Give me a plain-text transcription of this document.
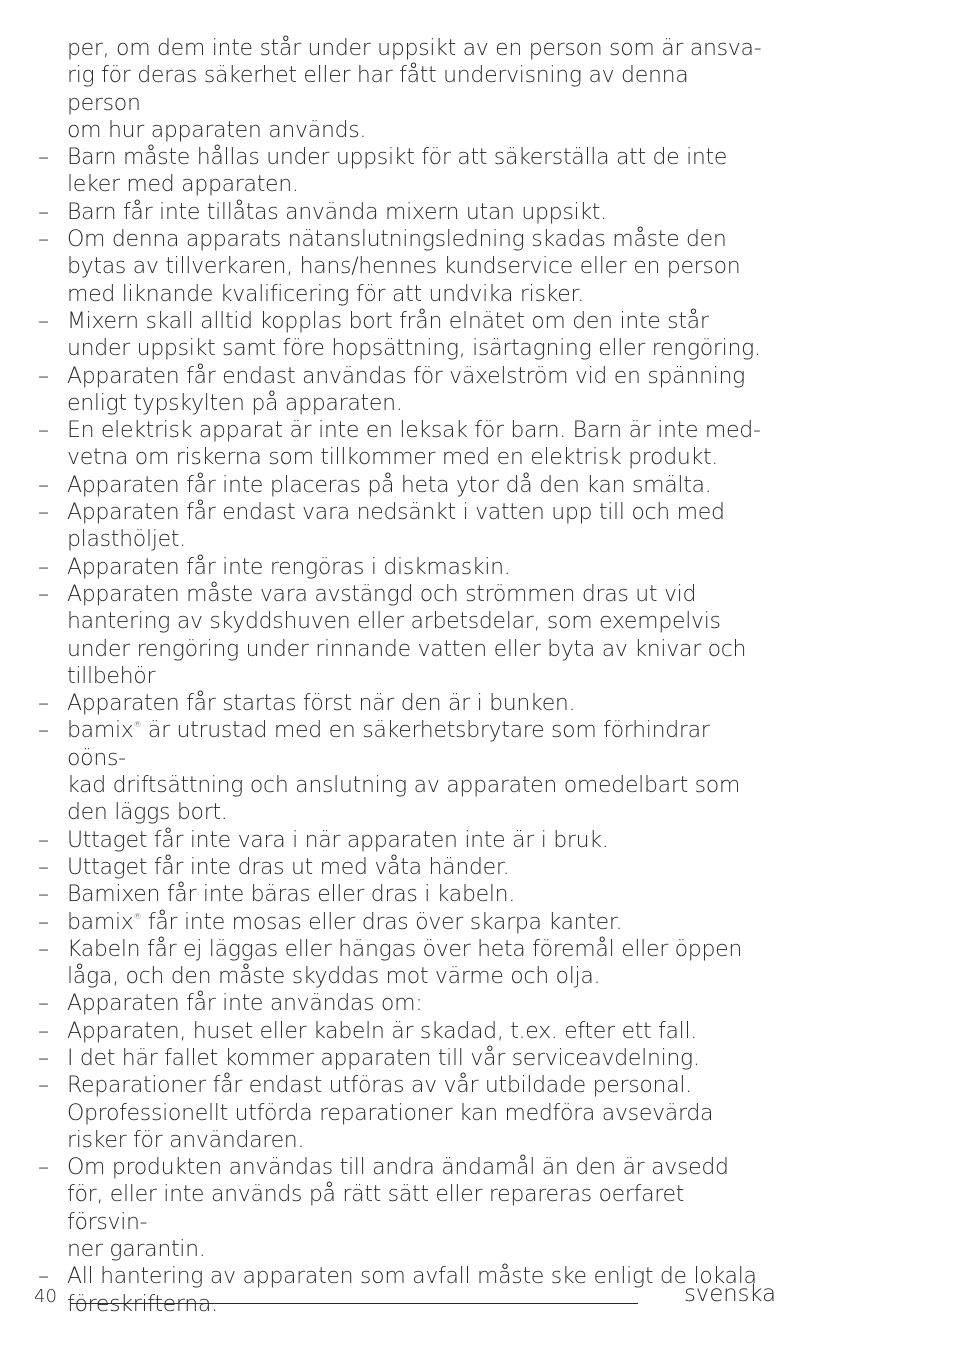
per, om dem inte står under uppsikt av en person som är ansva-
rig för deras säkerhet eller har fått undervisning av denna person
om hur apparaten används.
– Barn måste hållas under uppsikt för att säkerställa att de inte
leker med apparaten.
– Barn får inte tillåtas använda mixern utan uppsikt.
– Om denna apparats nätanslutningsledning skadas måste den
bytas av tillverkaren, hans/hennes kundservice eller en person
med liknande kvalificering för att undvika risker.
– Mixern skall alltid kopplas bort från elnätet om den inte står
under uppsikt samt före hopsättning, isärtagning eller rengöring.
– Apparaten får endast användas för växelström vid en spänning
enligt typskylten på apparaten.
– En elektrisk apparat är inte en leksak för barn. Barn är inte med-
vetna om riskerna som tillkommer med en elektrisk produkt.
– Apparaten får inte placeras på heta ytor då den kan smälta.
– Apparaten får endast vara nedsänkt i vatten upp till och med
plasthöljet.
– Apparaten får inte rengöras i diskmaskin.
– Apparaten måste vara avstängd och strömmen dras ut vid
hantering av skyddshuven eller arbetsdelar, som exempelvis
under rengöring under rinnande vatten eller byta av knivar och
tillbehör
– Apparaten får startas först när den är i bunken.
– bamix® är utrustad med en säkerhetsbrytare som förhindrar oöns-
kad driftsättning och anslutning av apparaten omedelbart som
den läggs bort.
– Uttaget får inte vara i när apparaten inte är i bruk.
– Uttaget får inte dras ut med våta händer.
– Bamixen får inte bäras eller dras i kabeln.
– bamix® får inte mosas eller dras över skarpa kanter.
– Kabeln får ej läggas eller hängas över heta föremål eller öppen
låga, och den måste skyddas mot värme och olja.
– Apparaten får inte användas om:
– Apparaten, huset eller kabeln är skadad, t.ex. efter ett fall.
– I det här fallet kommer apparaten till vår serviceavdelning.
– Reparationer får endast utföras av vår utbildade personal.
Oprofessionellt utförda reparationer kan medföra avsevärda
risker för användaren.
– Om produkten användas till andra ändamål än den är avsedd
för, eller inte används på rätt sätt eller repareras oerfaret försvin-
ner garantin.
– All hantering av apparaten som avfall måste ske enligt de lokala
föreskrifterna.
40	svenska
